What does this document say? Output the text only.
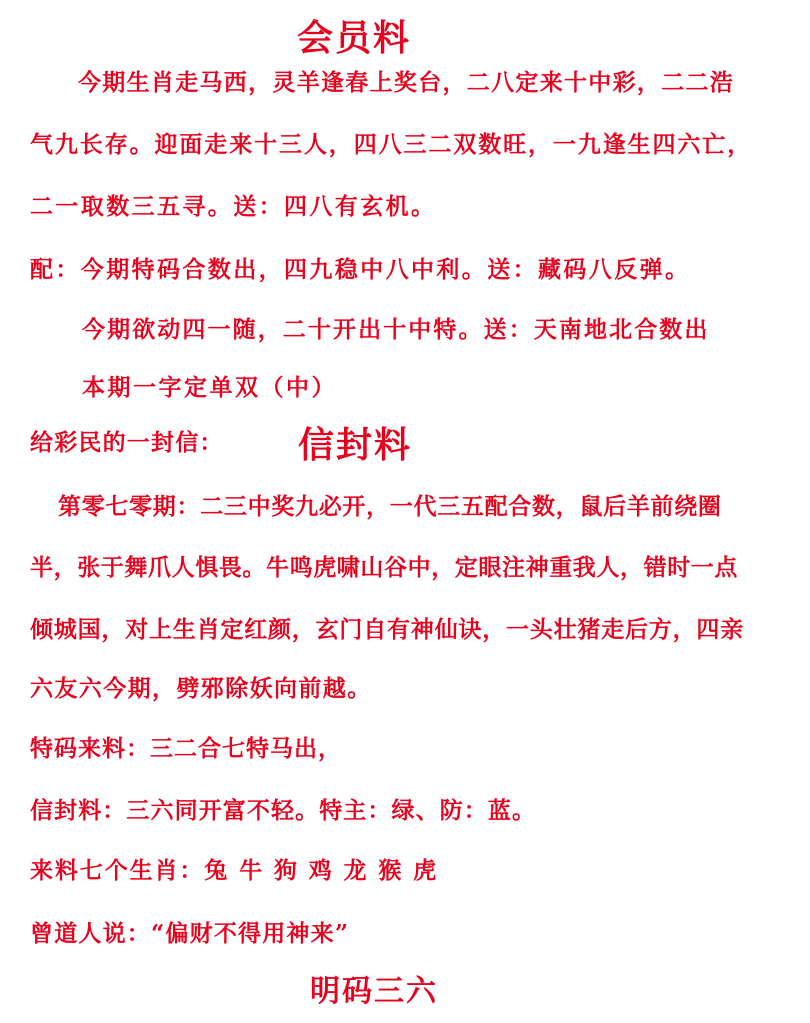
会员料
今期生肖走马西，灵羊逢春上奖台，二八定来十中彩，二二浩
气九长存。迎面走来十三人，四八三二双数旺，一九逢生四六亡，
二一取数三五寻。送：四八有玄机。
配：今期特码合数出，四九稳中八中利。送：藏码八反弹。
今期欲动四一随，二十开出十中特。送：天南地北合数出
本期一字定单双（中）
给彩民的一封信： 信封料
第零七零期：二三中奖九必开，一代三五配合数，鼠后羊前绕圈
半，张于舞爪人惧畏。牛鸣虎啸山谷中，定眼注神重我人，错时一点
倾城国，对上生肖定红颜，玄门自有神仙诀，一头壮猪走后方，四亲
六友六今期，劈邪除妖向前越。
特码来料：三二合七特马出，
信封料：三六同开富不轻。特主：绿、防：蓝。
来料七个生肖：兔 牛 狗 鸡 龙 猴 虎
曾道人说：“偏财不得用神来”
明码三六
